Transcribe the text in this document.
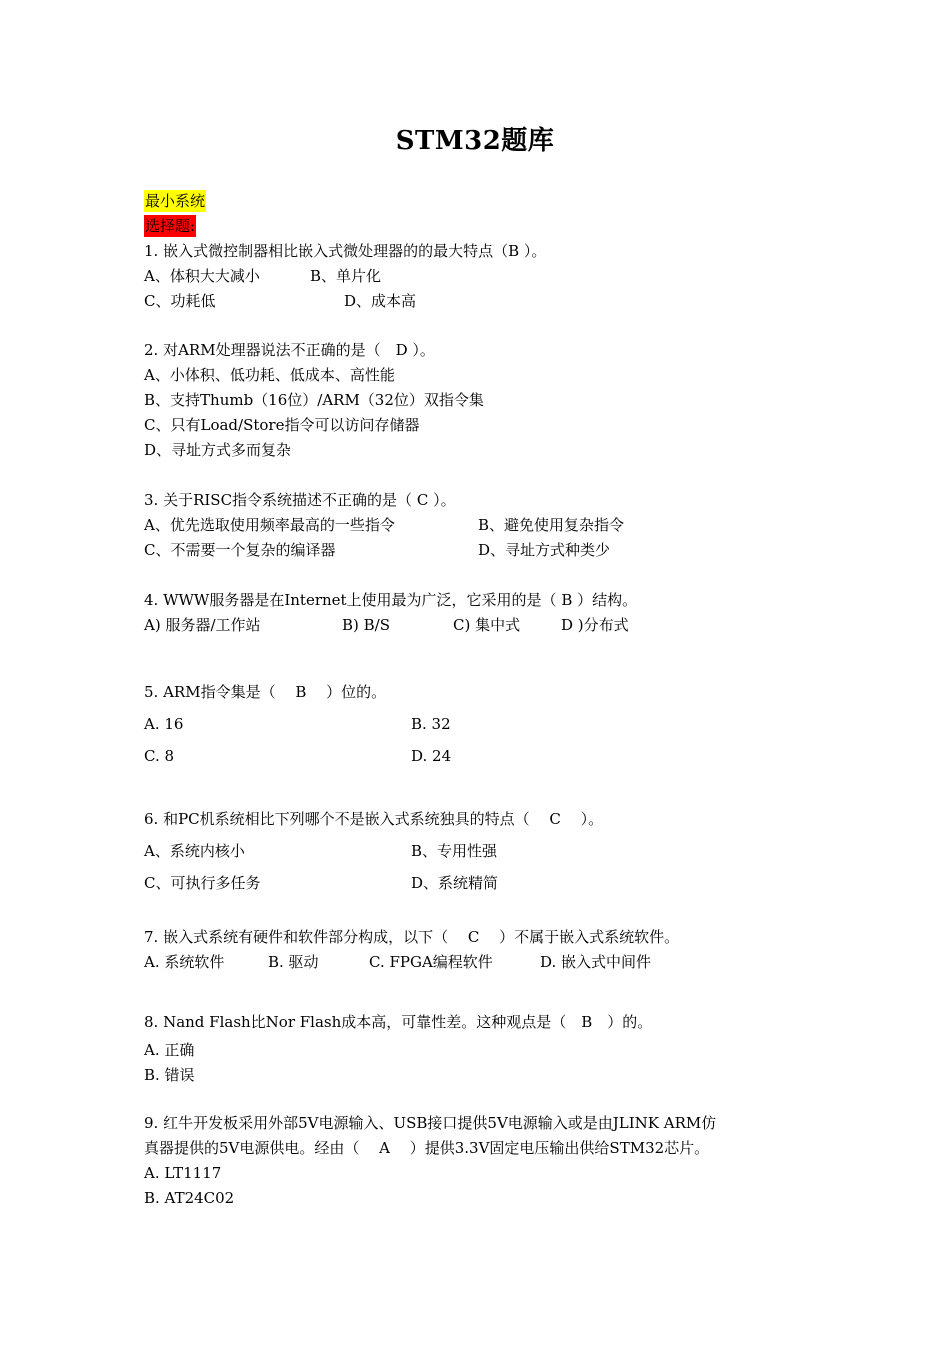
STM32题库
最小系统
选择题:
1. 嵌入式微控制器相比嵌入式微处理器的的最大特点（B ）。
A、体积大大减小	B、单片化
C、功耗低	D、成本高
2. 对ARM处理器说法不正确的是（　D ）。
A、小体积、低功耗、低成本、高性能
B、支持Thumb（16位）/ARM（32位）双指令集
C、只有Load/Store指令可以访问存储器
D、寻址方式多而复杂
3. 关于RISC指令系统描述不正确的是（ C ）。
A、优先选取使用频率最高的一些指令	B、避免使用复杂指令
C、不需要一个复杂的编译器	D、寻址方式种类少
4. WWW服务器是在Internet上使用最为广泛，它采用的是（ B ）结构。
A) 服务器/工作站	B) B/S	C) 集中式	D )分布式
5. ARM指令集是（　 B　 ）位的。
A. 16	B. 32
C. 8	D. 24
6. 和PC机系统相比下列哪个不是嵌入式系统独具的特点（　 C　 ）。
A、系统内核小	B、专用性强
C、可执行多任务	D、系统精简
7. 嵌入式系统有硬件和软件部分构成，以下（　 C　 ）不属于嵌入式系统软件。
A. 系统软件	B. 驱动	C. FPGA编程软件	D. 嵌入式中间件
8. Nand Flash比Nor Flash成本高，可靠性差。这种观点是（　B　）的。
A. 正确
B. 错误
9. 红牛开发板采用外部5V电源输入、USB接口提供5V电源输入或是由JLINK ARM仿
真器提供的5V电源供电。经由（　 A　 ）提供3.3V固定电压输出供给STM32芯片。
A. LT1117
B. AT24C02
